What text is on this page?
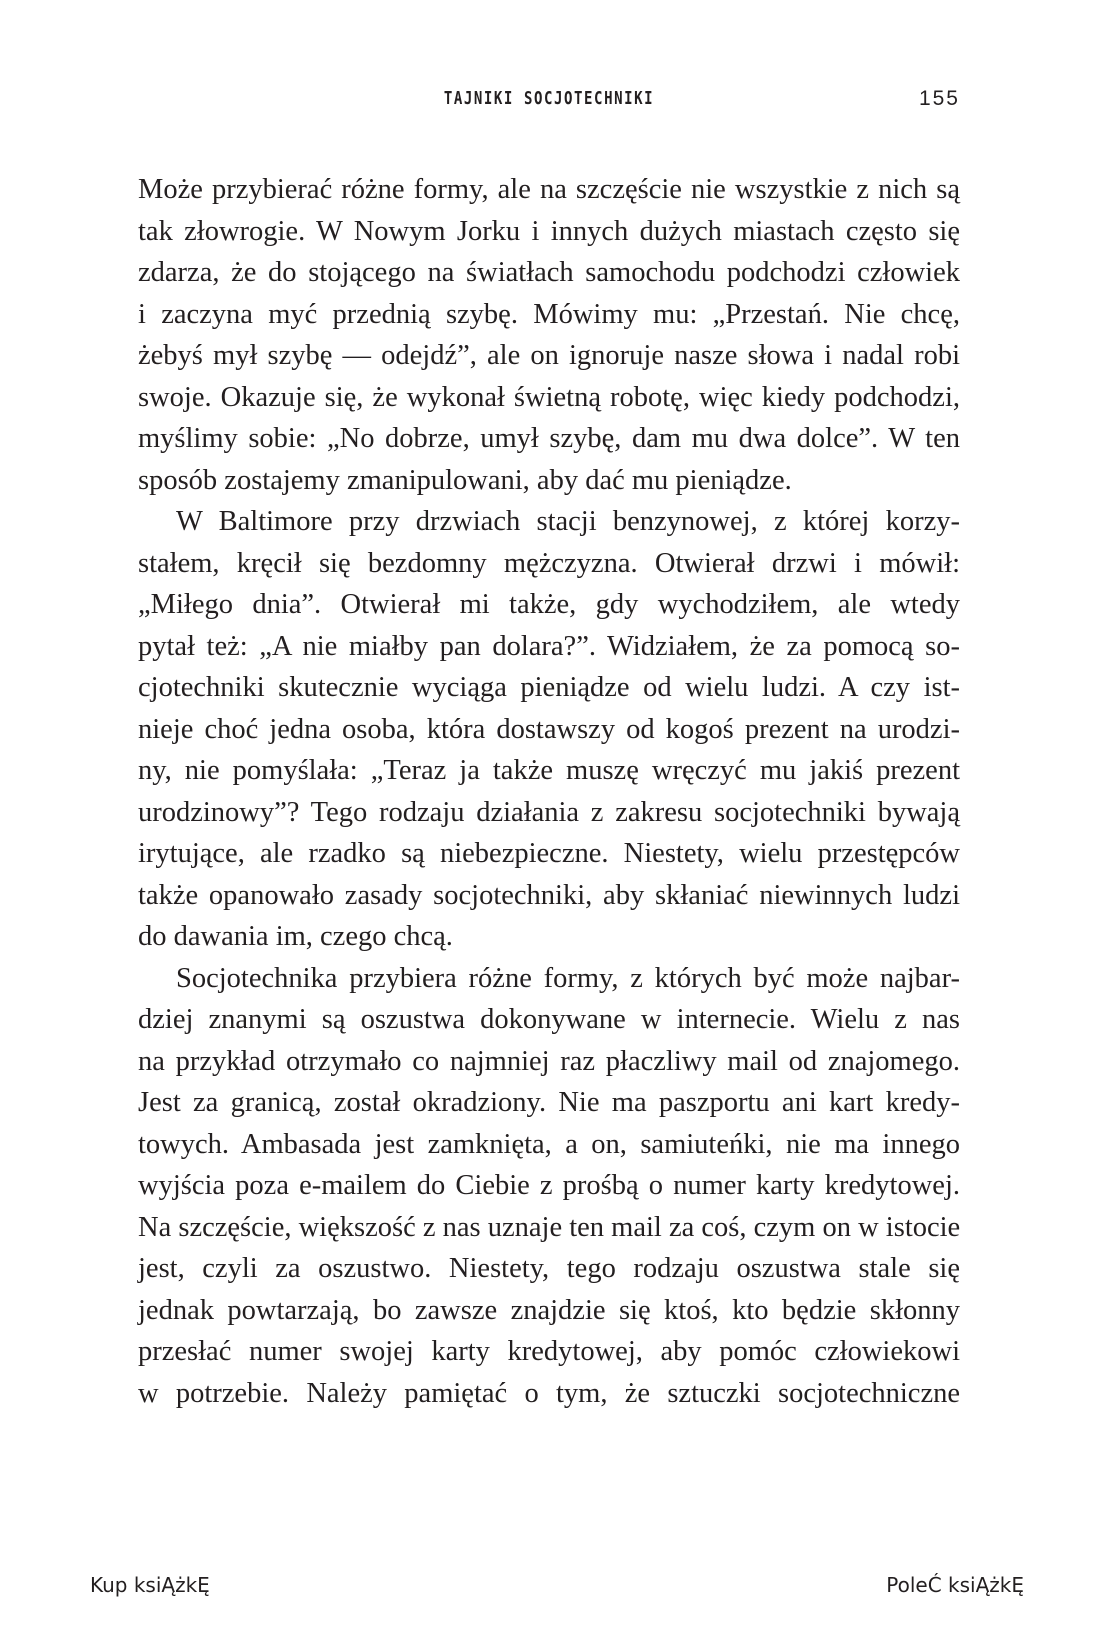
TAJNIKI SOCJOTECHNIKI	155
Może przybierać różne formy, ale na szczęście nie wszystkie z nich są
tak złowrogie. W Nowym Jorku i innych dużych miastach często się
zdarza, że do stojącego na światłach samochodu podchodzi człowiek
i zaczyna myć przednią szybę. Mówimy mu: „Przestań. Nie chcę,
żebyś mył szybę — odejdź”, ale on ignoruje nasze słowa i nadal robi
swoje. Okazuje się, że wykonał świetną robotę, więc kiedy podchodzi,
myślimy sobie: „No dobrze, umył szybę, dam mu dwa dolce”. W ten
sposób zostajemy zmanipulowani, aby dać mu pieniądze.
W Baltimore przy drzwiach stacji benzynowej, z której korzy-
stałem, kręcił się bezdomny mężczyzna. Otwierał drzwi i mówił:
„Miłego dnia”. Otwierał mi także, gdy wychodziłem, ale wtedy
pytał też: „A nie miałby pan dolara?”. Widziałem, że za pomocą so-
cjotechniki skutecznie wyciąga pieniądze od wielu ludzi. A czy ist-
nieje choć jedna osoba, która dostawszy od kogoś prezent na urodzi-
ny, nie pomyślała: „Teraz ja także muszę wręczyć mu jakiś prezent
urodzinowy”? Tego rodzaju działania z zakresu socjotechniki bywają
irytujące, ale rzadko są niebezpieczne. Niestety, wielu przestępców
także opanowało zasady socjotechniki, aby skłaniać niewinnych ludzi
do dawania im, czego chcą.
Socjotechnika przybiera różne formy, z których być może najbar-
dziej znanymi są oszustwa dokonywane w internecie. Wielu z nas
na przykład otrzymało co najmniej raz płaczliwy mail od znajomego.
Jest za granicą, został okradziony. Nie ma paszportu ani kart kredy-
towych. Ambasada jest zamknięta, a on, samiuteńki, nie ma innego
wyjścia poza e-mailem do Ciebie z prośbą o numer karty kredytowej.
Na szczęście, większość z nas uznaje ten mail za coś, czym on w istocie
jest, czyli za oszustwo. Niestety, tego rodzaju oszustwa stale się
jednak powtarzają, bo zawsze znajdzie się ktoś, kto będzie skłonny
przesłać numer swojej karty kredytowej, aby pomóc człowiekowi
w potrzebie. Należy pamiętać o tym, że sztuczki socjotechniczne
Kup ksiĄżkĘ	PoleĆ ksiĄżkĘ
